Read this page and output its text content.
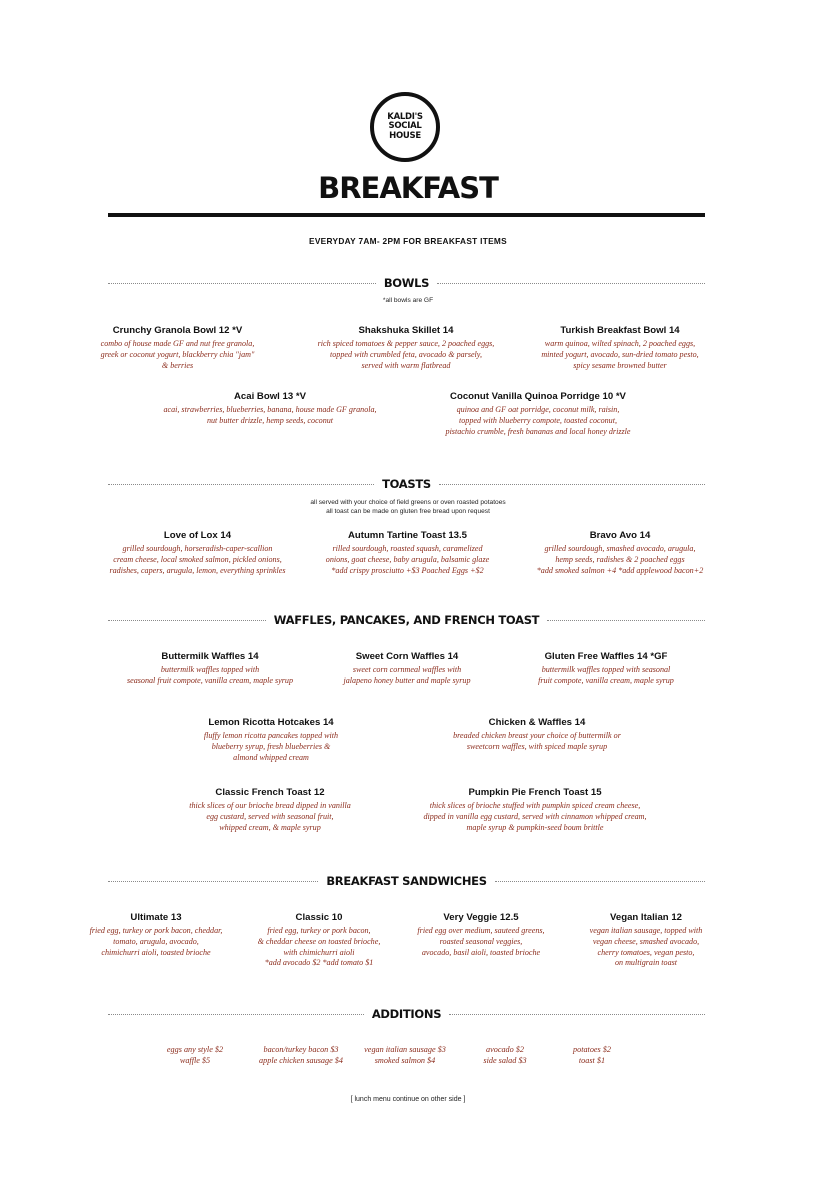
KALDI'S
SOCIAL
HOUSE
BREAKFAST
EVERYDAY 7AM- 2PM FOR BREAKFAST ITEMS
BOWLS
*all bowls are GF
Crunchy Granola Bowl 12 *V
combo of house made GF and nut free granola,
greek or coconut yogurt, blackberry chia "jam"
& berries
Shakshuka Skillet 14
rich spiced tomatoes & pepper sauce, 2 poached eggs,
topped with crumbled feta, avocado & parsely,
served with warm flatbread
Turkish Breakfast Bowl 14
warm quinoa, wilted spinach, 2 poached eggs,
minted yogurt, avocado, sun-dried tomato pesto,
spicy sesame browned butter
Acai Bowl 13 *V
acai, strawberries, blueberries, banana, house made GF granola,
nut butter drizzle, hemp seeds, coconut
Coconut Vanilla Quinoa Porridge 10 *V
quinoa and GF oat porridge, coconut milk, raisin,
topped with blueberry compote, toasted coconut,
pistachio crumble, fresh bananas and local honey drizzle
TOASTS
all served with your choice of field greens or oven roasted potatoes
all toast can be made on gluten free bread upon request
Love of Lox 14
grilled sourdough, horseradish-caper-scallion
cream cheese, local smoked salmon, pickled onions,
radishes, capers, arugula, lemon, everything sprinkles
Autumn Tartine Toast 13.5
rilled sourdough, roasted squash, caramelized
onions, goat cheese, baby arugula, balsamic glaze
*add crispy prosciutto +$3 Poached Eggs +$2
Bravo Avo 14
grilled sourdough, smashed avocado, arugula,
hemp seeds, radishes & 2 poached eggs
*add smoked salmon +4 *add applewood bacon+2
WAFFLES, PANCAKES, AND FRENCH TOAST
Buttermilk Waffles 14
buttermilk waffles topped with
seasonal fruit compote, vanilla cream, maple syrup
Sweet Corn Waffles 14
sweet corn cornmeal waffles with
jalapeno honey butter and maple syrup
Gluten Free Waffles 14 *GF
buttermilk waffles topped with seasonal
fruit compote, vanilla cream, maple syrup
Lemon Ricotta Hotcakes 14
fluffy lemon ricotta pancakes topped with
blueberry syrup, fresh blueberries &
almond whipped cream
Chicken & Waffles 14
breaded chicken breast your choice of buttermilk or
sweetcorn waffles, with spiced maple syrup
Classic French Toast 12
thick slices of our brioche bread dipped in vanilla
egg custard, served with seasonal fruit,
whipped cream, & maple syrup
Pumpkin Pie French Toast 15
thick slices of brioche stuffed with pumpkin spiced cream cheese,
dipped in vanilla egg custard, served with cinnamon whipped cream,
maple syrup & pumpkin-seed boum brittle
BREAKFAST SANDWICHES
Ultimate 13
fried egg, turkey or pork bacon, cheddar,
tomato, arugula, avocado,
chimichurri aioli, toasted brioche
Classic 10
fried egg, turkey or pork bacon,
& cheddar cheese on toasted brioche,
with chimichurri aioli
*add avocado $2 *add tomato $1
Very Veggie 12.5
fried egg over medium, sauteed greens,
roasted seasonal veggies,
avocado, basil aioli, toasted brioche
Vegan Italian 12
vegan italian sausage, topped with
vegan cheese, smashed avocado,
cherry tomatoes, vegan pesto,
on multigrain toast
ADDITIONS
eggs any style $2
waffle $5
bacon/turkey bacon $3
apple chicken sausage $4
vegan italian sausage $3
smoked salmon $4
avocado $2
side salad $3
potatoes $2
toast $1
[ lunch menu continue on other side ]
